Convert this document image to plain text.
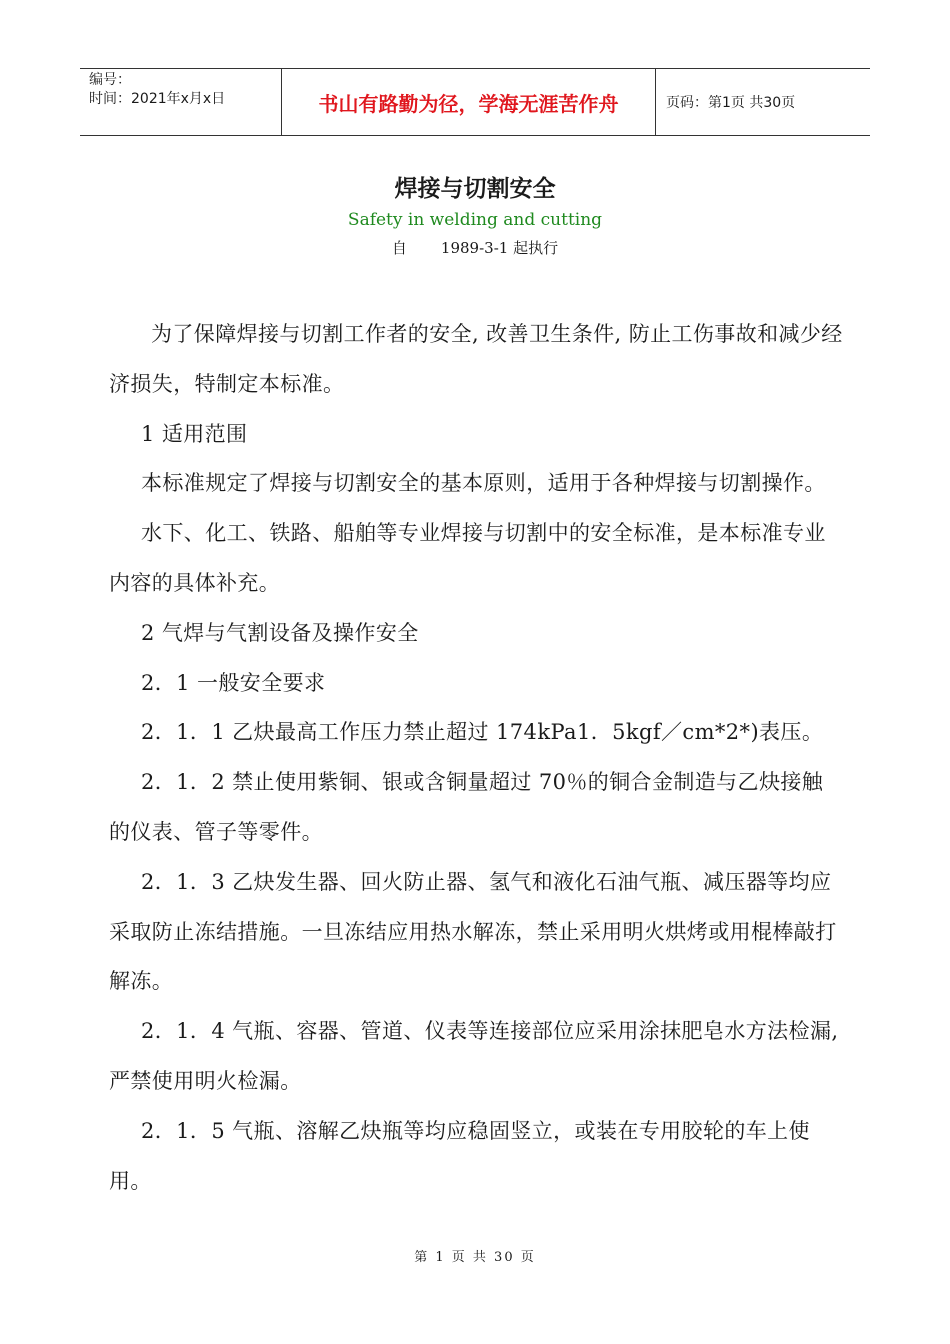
编号：
时间：2021年x月x日	书山有路勤为径，学海无涯苦作舟	页码：第1页 共30页
焊接与切割安全
Safety in welding and cutting
自 1989-3-1 起执行

为了保障焊接与切割工作者的安全, 改善卫生条件, 防止工伤事故和减少经济损失，特制定本标准。

1 适用范围

本标准规定了焊接与切割安全的基本原则，适用于各种焊接与切割操作。

水下、化工、铁路、船舶等专业焊接与切割中的安全标准，是本标准专业内容的具体补充。

2 气焊与气割设备及操作安全

2．1 一般安全要求

2．1．1 乙炔最高工作压力禁止超过 174kPa1．5kgf／cm*2*)表压。

2．1．2 禁止使用紫铜、银或含铜量超过 70％的铜合金制造与乙炔接触的仪表、管子等零件。

2．1．3 乙炔发生器、回火防止器、氢气和液化石油气瓶、减压器等均应采取防止冻结措施。一旦冻结应用热水解冻，禁止采用明火烘烤或用棍棒敲打解冻。

2．1．4 气瓶、容器、管道、仪表等连接部位应采用涂抹肥皂水方法检漏, 严禁使用明火检漏。

2．1．5 气瓶、溶解乙炔瓶等均应稳固竖立，或装在专用胶轮的车上使用。

第 1 页 共 30 页
